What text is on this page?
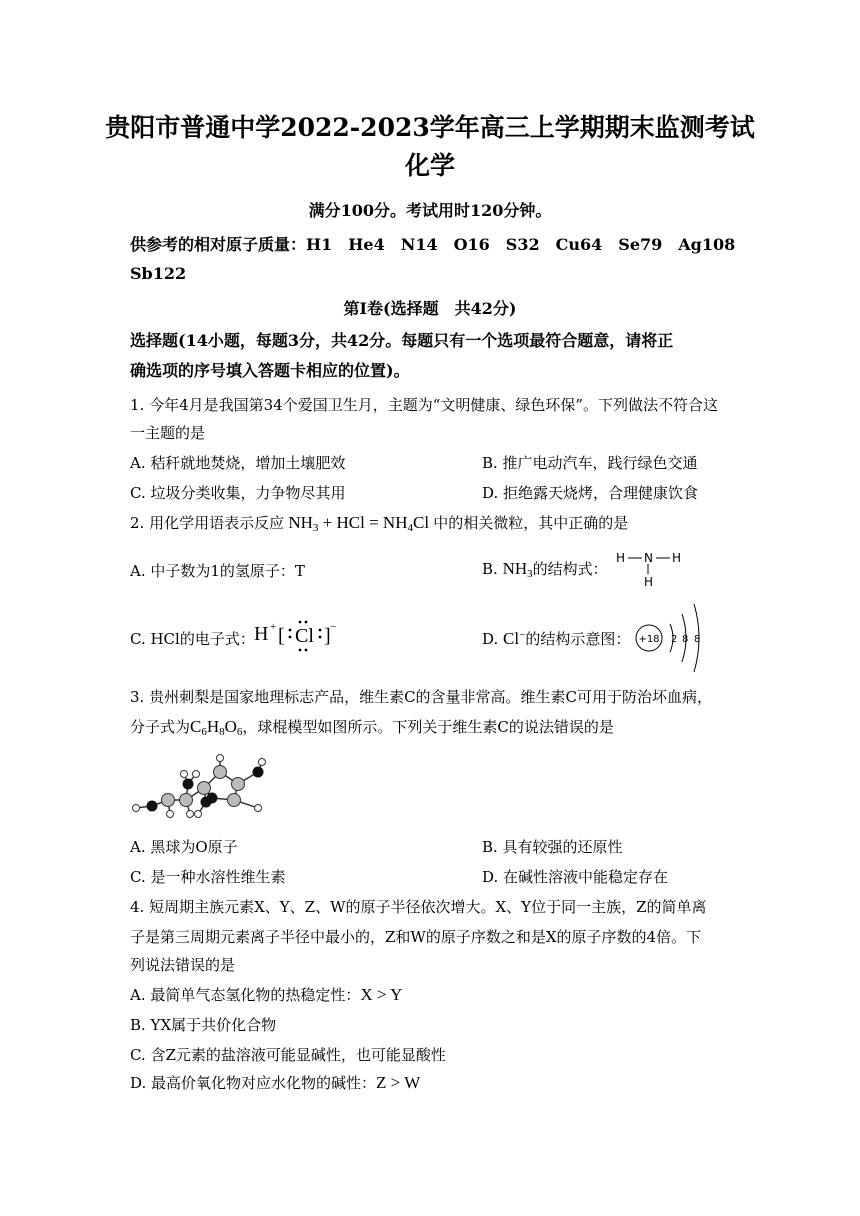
贵阳市普通中学2022-2023学年高三上学期期末监测考试
化学
满分100分。考试用时120分钟。
供参考的相对原子质量：H1 He4 N14 O16 S32 Cu64 Se79 Ag108
Sb122
第I卷(选择题　共42分)
选择题(14小题，每题3分，共42分。每题只有一个选项最符合题意，请将正
确选项的序号填入答题卡相应的位置)。
1. 今年4月是我国第34个爱国卫生月，主题为“文明健康、绿色环保”。下列做法不符合这
一主题的是
A. 秸秆就地焚烧，增加土壤肥效	B. 推广电动汽车，践行绿色交通
C. 垃圾分类收集，力争物尽其用	D. 拒绝露天烧烤，合理健康饮食
2. 用化学用语表示反应 $NH_3$ + HCl = $NH_4Cl$ 中的相关微粒，其中正确的是
A. 中子数为1的氢原子：T	B. $NH_3$的结构式：
H N H
H
C. HCl的电子式： H + [ Cl ] −
D. Cl−的结构示意图： +18 2 8 8
3. 贵州刺梨是国家地理标志产品，维生素C的含量非常高。维生素C可用于防治坏血病，
分子式为$C_6H_8O_6$，球棍模型如图所示。下列关于维生素C的说法错误的是
A. 黑球为O原子	B. 具有较强的还原性
C. 是一种水溶性维生素	D. 在碱性溶液中能稳定存在
4. 短周期主族元素X、Y、Z、W的原子半径依次增大。X、Y位于同一主族，Z的简单离
子是第三周期元素离子半径中最小的，Z和W的原子序数之和是X的原子序数的4倍。下
列说法错误的是
A. 最简单气态氢化物的热稳定性：X > Y
B. YX属于共价化合物
C. 含Z元素的盐溶液可能显碱性，也可能显酸性
D. 最高价氧化物对应水化物的碱性：Z > W
